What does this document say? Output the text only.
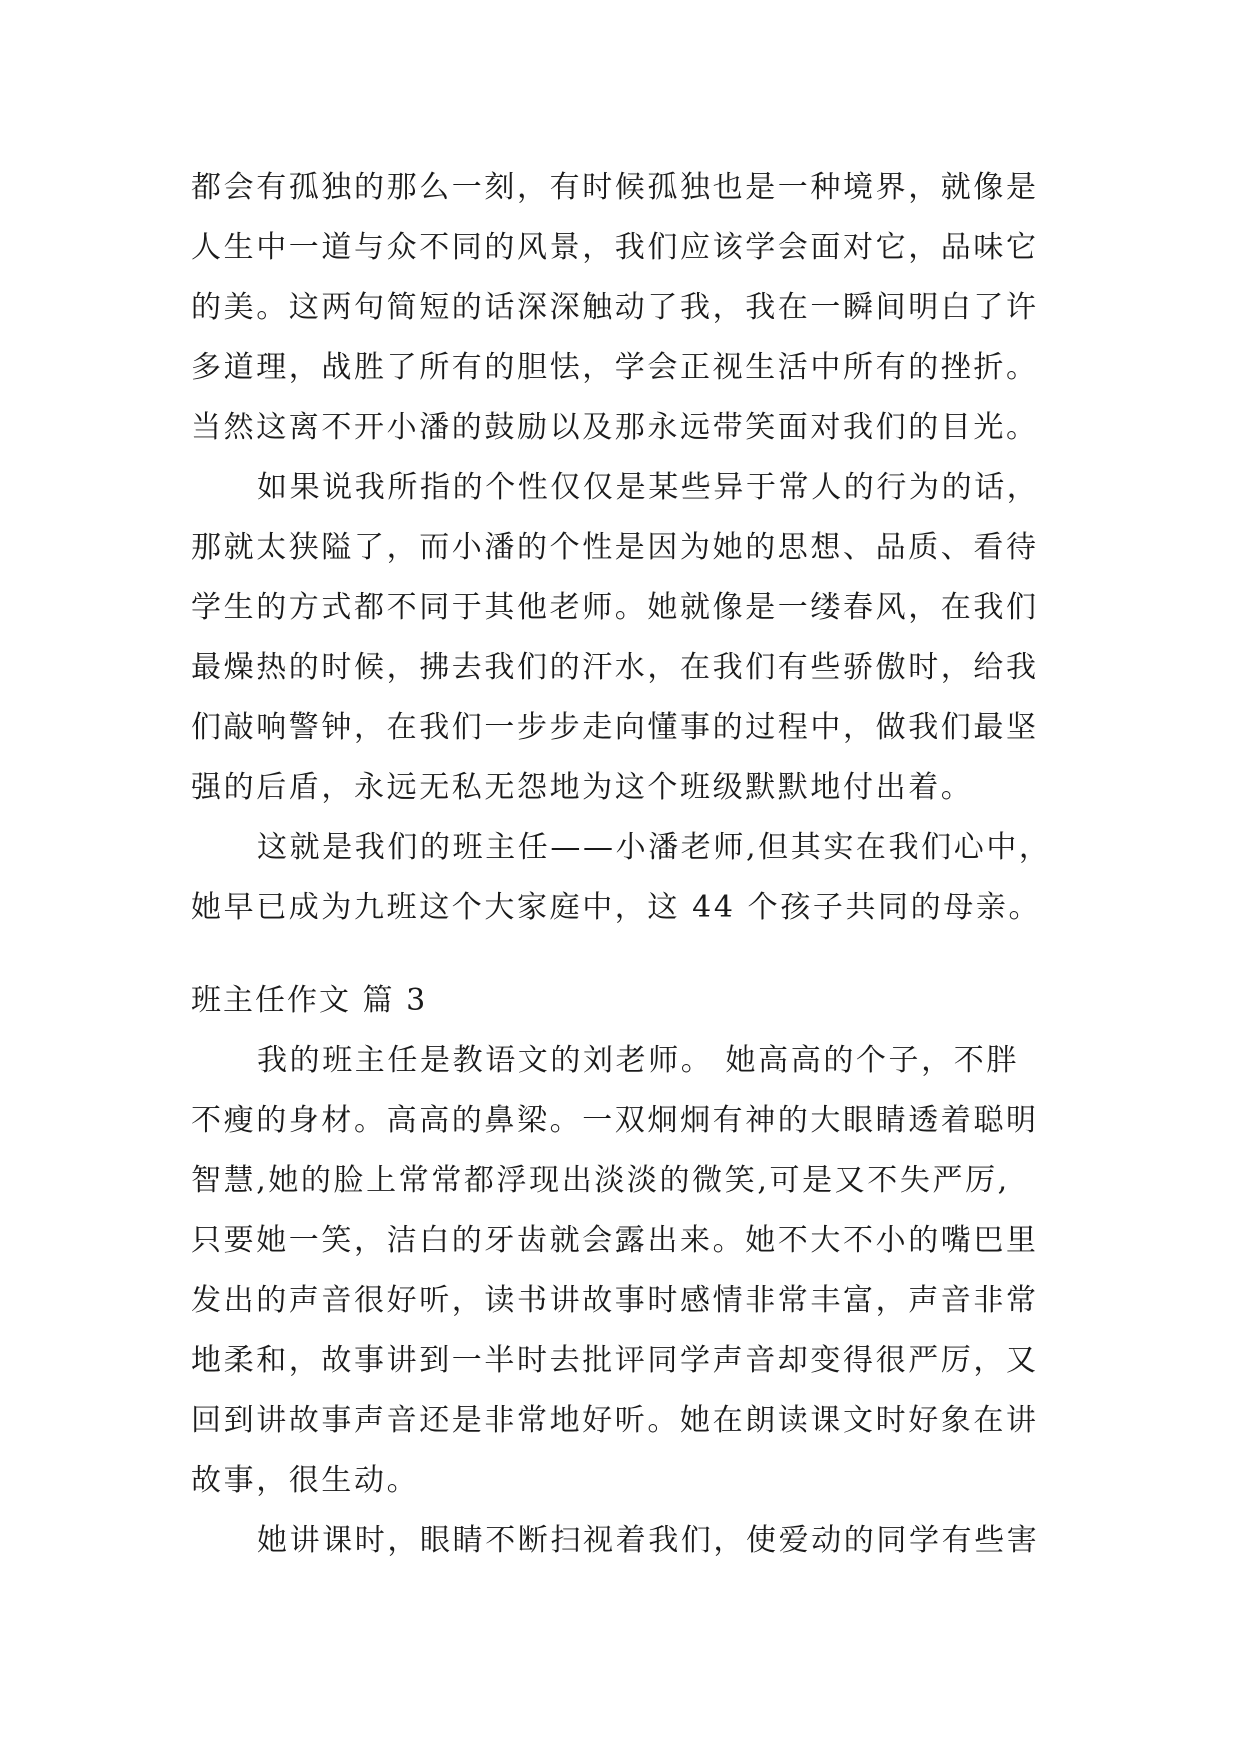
都会有孤独的那么一刻，有时候孤独也是一种境界，就像是
人生中一道与众不同的风景，我们应该学会面对它，品味它
的美。这两句简短的话深深触动了我，我在一瞬间明白了许
多道理，战胜了所有的胆怯，学会正视生活中所有的挫折。
当然这离不开小潘的鼓励以及那永远带笑面对我们的目光。
如果说我所指的个性仅仅是某些异于常人的行为的话，
那就太狭隘了，而小潘的个性是因为她的思想、品质、看待
学生的方式都不同于其他老师。她就像是一缕春风，在我们
最燥热的时候，拂去我们的汗水，在我们有些骄傲时，给我
们敲响警钟，在我们一步步走向懂事的过程中，做我们最坚
强的后盾，永远无私无怨地为这个班级默默地付出着。
这就是我们的班主任——小潘老师,但其实在我们心中，
她早已成为九班这个大家庭中，这 44 个孩子共同的母亲。
班主任作文 篇 3
我的班主任是教语文的刘老师。 她高高的个子，不胖
不瘦的身材。高高的鼻梁。一双炯炯有神的大眼睛透着聪明
智慧,她的脸上常常都浮现出淡淡的微笑,可是又不失严厉,
只要她一笑，洁白的牙齿就会露出来。她不大不小的嘴巴里
发出的声音很好听，读书讲故事时感情非常丰富，声音非常
地柔和，故事讲到一半时去批评同学声音却变得很严厉，又
回到讲故事声音还是非常地好听。她在朗读课文时好象在讲
故事，很生动。
她讲课时，眼睛不断扫视着我们，使爱动的同学有些害
